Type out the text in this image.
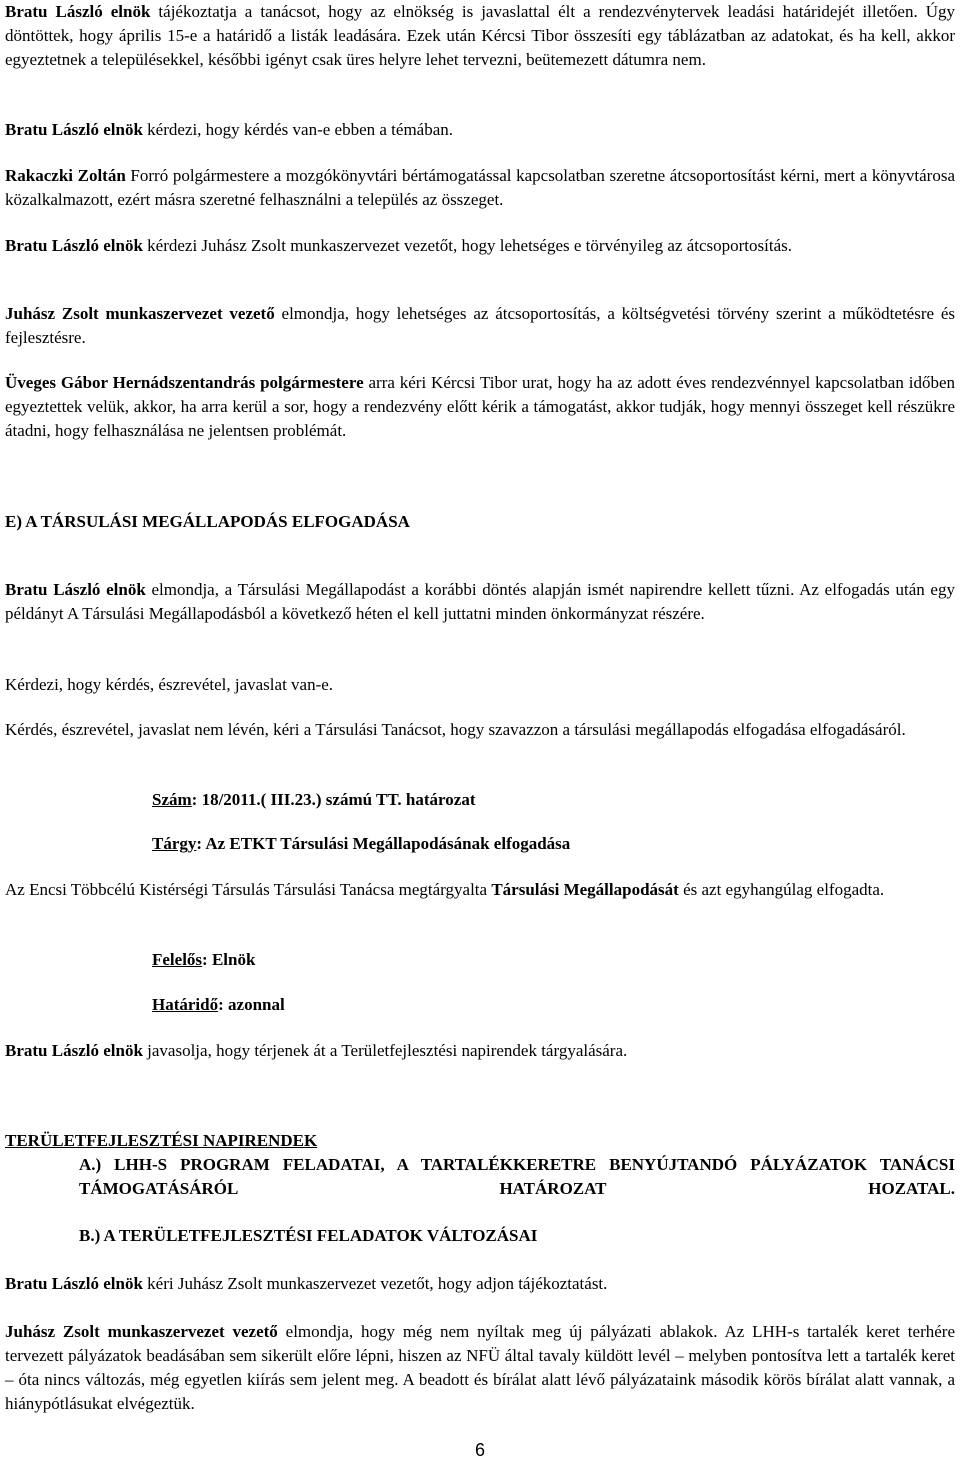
Bratu László elnök tájékoztatja a tanácsot, hogy az elnökség is javaslattal élt a rendezvénytervek leadási határidejét illetően. Úgy döntöttek, hogy április 15-e a határidő a listák leadására. Ezek után Kércsi Tibor összesíti egy táblázatban az adatokat, és ha kell, akkor egyeztetnek a településekkel, későbbi igényt csak üres helyre lehet tervezni, beütemezett dátumra nem.

Bratu László elnök kérdezi, hogy kérdés van-e ebben a témában.

Rakaczki Zoltán Forró polgármestere a mozgókönyvtári bértámogatással kapcsolatban szeretne átcsoportosítást kérni, mert a könyvtárosa közalkalmazott, ezért másra szeretné felhasználni a település az összeget.

Bratu László elnök kérdezi Juhász Zsolt munkaszervezet vezetőt, hogy lehetséges e törvényileg az átcsoportosítás.

Juhász Zsolt munkaszervezet vezető elmondja, hogy lehetséges az átcsoportosítás, a költségvetési törvény szerint a működtetésre és fejlesztésre.

Üveges Gábor Hernádszentandrás polgármestere arra kéri Kércsi Tibor urat, hogy ha az adott éves rendezvénnyel kapcsolatban időben egyeztettek velük, akkor, ha arra kerül a sor, hogy a rendezvény előtt kérik a támogatást, akkor tudják, hogy mennyi összeget kell részükre átadni, hogy felhasználása ne jelentsen problémát.

E) A TÁRSULÁSI MEGÁLLAPODÁS ELFOGADÁSA

Bratu László elnök elmondja, a Társulási Megállapodást a korábbi döntés alapján ismét napirendre kellett tűzni. Az elfogadás után egy példányt A Társulási Megállapodásból a következő héten el kell juttatni minden önkormányzat részére.

Kérdezi, hogy kérdés, észrevétel, javaslat van-e.

Kérdés, észrevétel, javaslat nem lévén, kéri a Társulási Tanácsot, hogy szavazzon a társulási megállapodás elfogadása elfogadásáról.

Szám: 18/2011.( III.23.) számú TT. határozat

Tárgy: Az ETKT Társulási Megállapodásának elfogadása

Az Encsi Többcélú Kistérségi Társulás Társulási Tanácsa megtárgyalta Társulási Megállapodását és azt egyhangúlag elfogadta.

Felelős: Elnök

Határidő: azonnal

Bratu László elnök javasolja, hogy térjenek át a Területfejlesztési napirendek tárgyalására.

TERÜLETFEJLESZTÉSI NAPIRENDEK

A.) LHH-S PROGRAM FELADATAI, A TARTALÉKKERETRE BENYÚJTANDÓ PÁLYÁZATOK TANÁCSI TÁMOGATÁSÁRÓL HATÁROZAT HOZATAL.

B.) A TERÜLETFEJLESZTÉSI FELADATOK VÁLTOZÁSAI

Bratu László elnök kéri Juhász Zsolt munkaszervezet vezetőt, hogy adjon tájékoztatást.

Juhász Zsolt munkaszervezet vezető elmondja, hogy még nem nyíltak meg új pályázati ablakok. Az LHH-s tartalék keret terhére tervezett pályázatok beadásában sem sikerült előre lépni, hiszen az NFÜ által tavaly küldött levél – melyben pontosítva lett a tartalék keret – óta nincs változás, még egyetlen kiírás sem jelent meg. A beadott és bírálat alatt lévő pályázataink második körös bírálat alatt vannak, a hiánypótlásukat elvégeztük.

6
